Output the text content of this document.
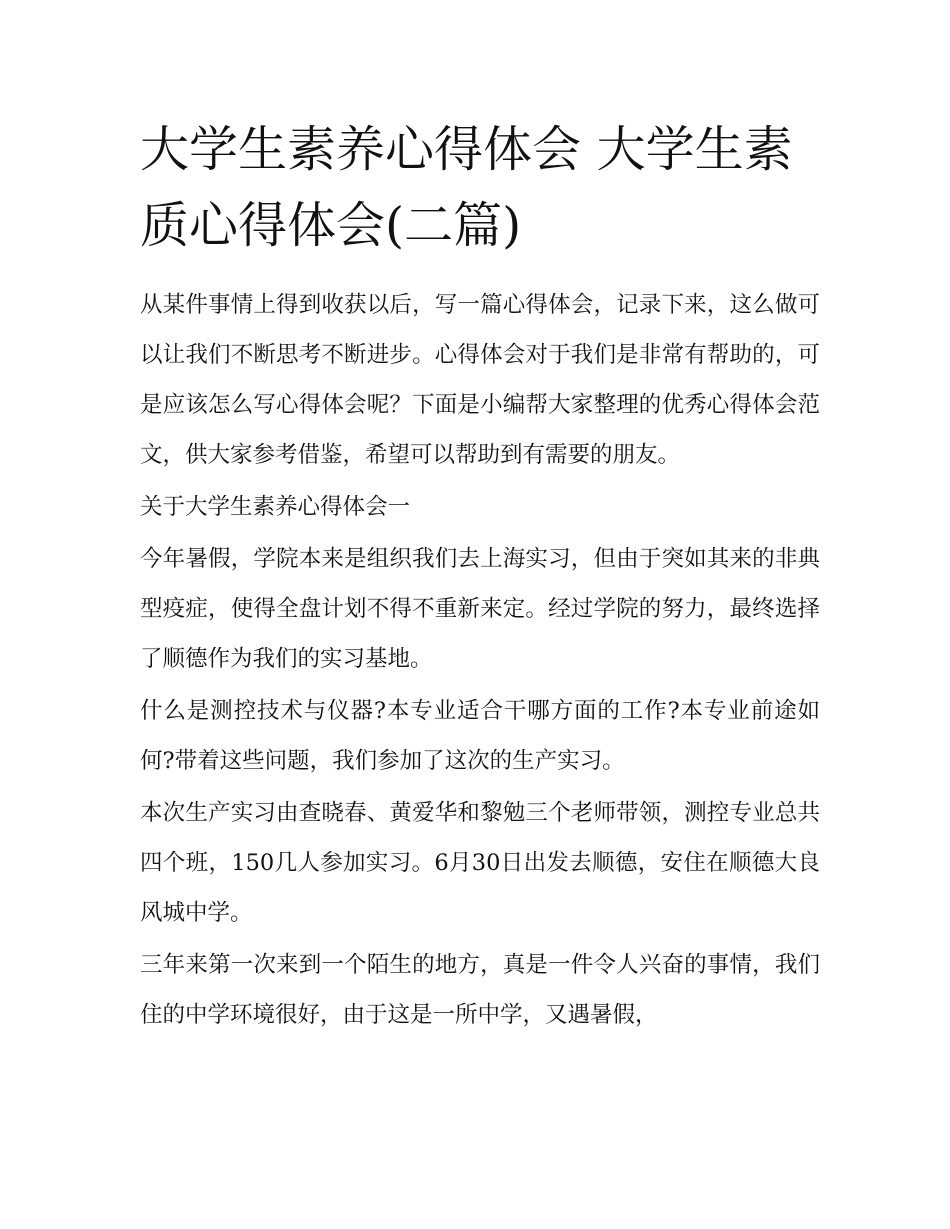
大学生素养心得体会 大学生素质心得体会(二篇)

从某件事情上得到收获以后，写一篇心得体会，记录下来，这么做可以让我们不断思考不断进步。心得体会对于我们是非常有帮助的，可是应该怎么写心得体会呢？下面是小编帮大家整理的优秀心得体会范文，供大家参考借鉴，希望可以帮助到有需要的朋友。

关于大学生素养心得体会一

今年暑假，学院本来是组织我们去上海实习，但由于突如其来的非典型疫症，使得全盘计划不得不重新来定。经过学院的努力，最终选择了顺德作为我们的实习基地。

什么是测控技术与仪器?本专业适合干哪方面的工作?本专业前途如何?带着这些问题，我们参加了这次的生产实习。

本次生产实习由查晓春、黄爱华和黎勉三个老师带领，测控专业总共四个班，150几人参加实习。6月30日出发去顺德，安住在顺德大良风城中学。

三年来第一次来到一个陌生的地方，真是一件令人兴奋的事情，我们住的中学环境很好，由于这是一所中学，又遇暑假，
